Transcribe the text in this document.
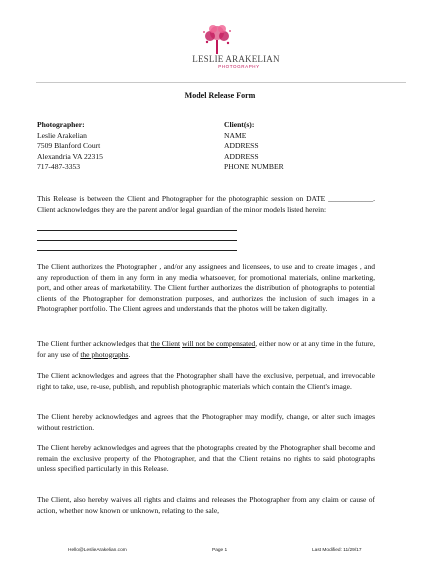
LESLIE ARAKELIAN
PHOTOGRAPHY
Model Release Form
Photographer:
Leslie Arakelian
7509 Blanford Court
Alexandria VA 22315
717-487-3353
Client(s):
NAME
ADDRESS
ADDRESS
PHONE NUMBER
This Release is between the Client and Photographer for the photographic session on DATE ____________. Client acknowledges they are the parent and/or legal guardian of the minor models listed herein:
The Client authorizes the Photographer , and/or any assignees and licensees, to use and to create images , and any reproduction of them in any form in any media whatsoever, for promotional materials, online marketing, port, and other areas of marketability. The Client further authorizes the distribution of photographs to potential clients of the Photographer for demonstration purposes, and authorizes the inclusion of such images in a Photographer portfolio. The Client agrees and understands that the photos will be taken digitally.
The Client further acknowledges that the Client will not be compensated, either now or at any time in the future, for any use of the photographs.
The Client acknowledges and agrees that the Photographer shall have the exclusive, perpetual, and irrevocable right to take, use, re-use, publish, and republish photographic materials which contain the Client's image.
The Client hereby acknowledges and agrees that the Photographer may modify, change, or alter such images without restriction.
The Client hereby acknowledges and agrees that the photographs created by the Photographer shall become and remain the exclusive property of the Photographer, and that the Client retains no rights to said photographs unless specified particularly in this Release.
The Client, also hereby waives all rights and claims and releases the Photographer from any claim or cause of action, whether now known or unknown, relating to the sale,
Hello@LeslieArakelian.com	Page 1	Last Modified: 11/29/17
